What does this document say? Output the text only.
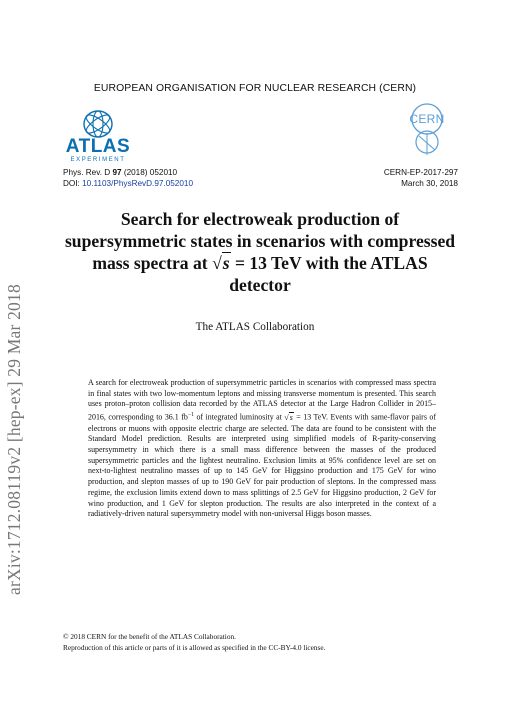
arXiv:1712.08119v2 [hep-ex] 29 Mar 2018
EUROPEAN ORGANISATION FOR NUCLEAR RESEARCH (CERN)
ATLAS
EXPERIMENT
CERN
Phys. Rev. D 97 (2018) 052010
DOI: 10.1103/PhysRevD.97.052010
CERN-EP-2017-297
March 30, 2018
Search for electroweak production of
supersymmetric states in scenarios with compressed
mass spectra at √s = 13 TeV with the ATLAS
detector
The ATLAS Collaboration
A search for electroweak production of supersymmetric particles in scenarios with compressed mass spectra in final states with two low-momentum leptons and missing transverse momentum is presented. This search uses proton–proton collision data recorded by the ATLAS detector at the Large Hadron Collider in 2015–2016, corresponding to 36.1 $fb^{-1}$ of integrated luminosity at √s = 13 TeV. Events with same-flavor pairs of electrons or muons with opposite electric charge are selected. The data are found to be consistent with the Standard Model prediction. Results are interpreted using simplified models of R-parity-conserving supersymmetry in which there is a small mass difference between the masses of the produced supersymmetric particles and the lightest neutralino. Exclusion limits at 95% confidence level are set on next-to-lightest neutralino masses of up to 145 GeV for Higgsino production and 175 GeV for wino production, and slepton masses of up to 190 GeV for pair production of sleptons. In the compressed mass regime, the exclusion limits extend down to mass splittings of 2.5 GeV for Higgsino production, 2 GeV for wino production, and 1 GeV for slepton production. The results are also interpreted in the context of a radiatively-driven natural supersymmetry model with non-universal Higgs boson masses.
© 2018 CERN for the benefit of the ATLAS Collaboration.
Reproduction of this article or parts of it is allowed as specified in the CC-BY-4.0 license.
